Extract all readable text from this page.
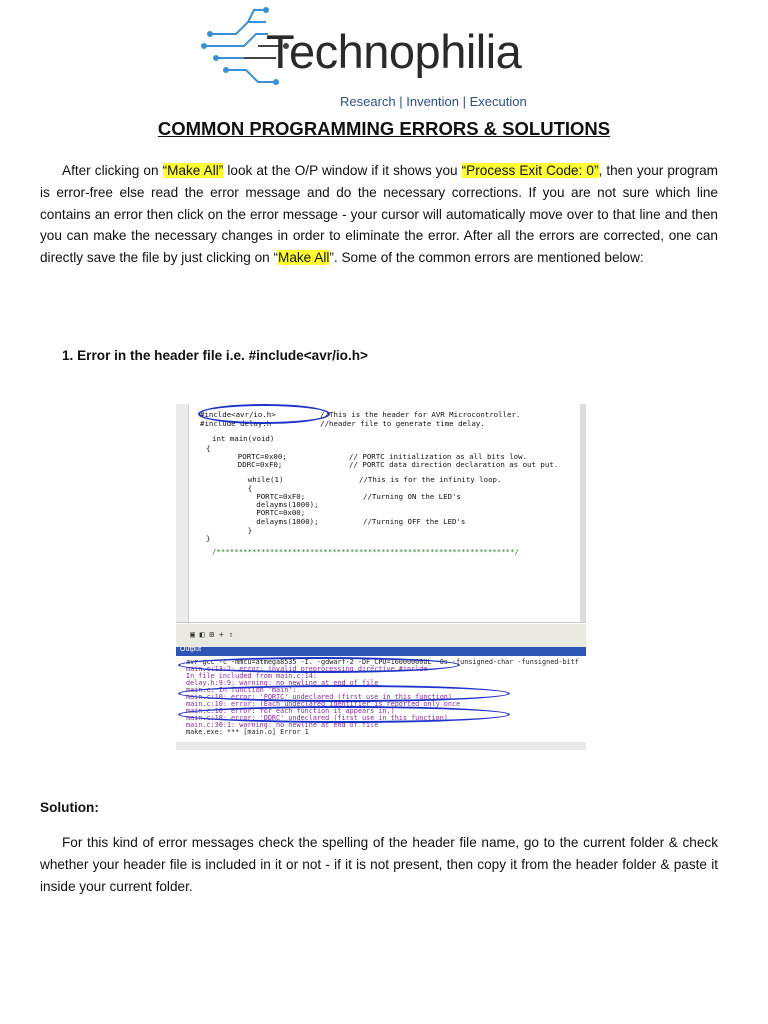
Technophilia
Research | Invention | Execution
COMMON PROGRAMMING ERRORS & SOLUTIONS
After clicking on “Make All” look at the O/P window if it shows you “Process Exit Code: 0”, then your program is error-free else read the error message and do the necessary corrections. If you are not sure which line contains an error then click on the error message - your cursor will automatically move over to that line and then you can make the necessary changes in order to eliminate the error. After all the errors are corrected, one can directly save the file by just clicking on “Make All”. Some of the common errors are mentioned below:
1. Error in the header file i.e. #include<avr/io.h>
#inclde<avr/io.h>          //This is the header for AVR Microcontroller.
#include delay.h           //header file to generate time delay.
int main(void)
{
PORTC=0x00;              // PORTC initialization as all bits low.
DDRC=0xF0;               // PORTC data direction declaration as out put.
while(1)                 //This is for the infinity loop.
{
PORTC=0xF0;             //Turning ON the LED's
delayms(1000);
PORTC=0x00;
delayms(1000);          //Turning OFF the LED's
}
}
/*******************************************************************/
▣ ◧ ⊞ + ⇧
Output
avr-gcc -c -mmcu=atmega8535 -I. -gdwarf-2 -DF_CPU=16000000UL -Os -funsigned-char -funsigned-bitf
main.c:13:2: error: invalid preprocessing directive #inclde
In file included from main.c:14:
delay.h:9:9: warning: no newline at end of file
main.c: In function 'main':
main.c:10: error: 'PORTC' undeclared (first use in this function)
main.c:10: error: (Each undeclared identifier is reported only once
main.c:10: error: for each function it appears in.)
main.c:18: error: 'DDRC' undeclared (first use in this function)
main.c:30:1: warning: no newline at end of file
make.exe: *** [main.o] Error 1
Solution:
For this kind of error messages check the spelling of the header file name, go to the current folder & check whether your header file is included in it or not - if it is not present, then copy it from the header folder & paste it inside your current folder.
